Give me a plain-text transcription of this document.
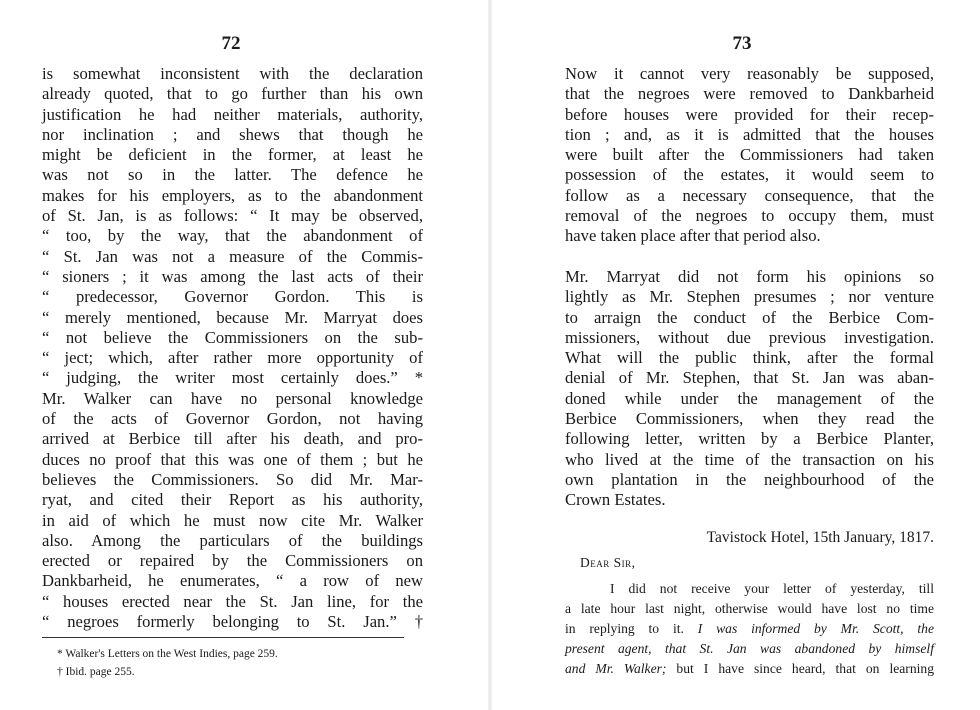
72
is somewhat inconsistent with the declaration
already quoted, that to go further than his own
justification he had neither materials, authority,
nor inclination ; and shews that though he
might be deficient in the former, at least he
was not so in the latter. The defence he
makes for his employers, as to the abandonment
of St. Jan, is as follows: “ It may be observed,
“ too, by the way, that the abandonment of
“ St. Jan was not a measure of the Commis-
“ sioners ; it was among the last acts of their
“ predecessor, Governor Gordon. This is
“ merely mentioned, because Mr. Marryat does
“ not believe the Commissioners on the sub-
“ ject; which, after rather more opportunity of
“ judging, the writer most certainly does.” *
Mr. Walker can have no personal knowledge
of the acts of Governor Gordon, not having
arrived at Berbice till after his death, and pro-
duces no proof that this was one of them ; but he
believes the Commissioners. So did Mr. Mar-
ryat, and cited their Report as his authority,
in aid of which he must now cite Mr. Walker
also. Among the particulars of the buildings
erected or repaired by the Commissioners on
Dankbarheid, he enumerates, “ a row of new
“ houses erected near the St. Jan line, for the
“ negroes formerly belonging to St. Jan.” †
* Walker's Letters on the West Indies, page 259.
† Ibid. page 255.
73
Now it cannot very reasonably be supposed,
that the negroes were removed to Dankbarheid
before houses were provided for their recep-
tion ; and, as it is admitted that the houses
were built after the Commissioners had taken
possession of the estates, it would seem to
follow as a necessary consequence, that the
removal of the negroes to occupy them, must
have taken place after that period also.
Mr. Marryat did not form his opinions so
lightly as Mr. Stephen presumes ; nor venture
to arraign the conduct of the Berbice Com-
missioners, without due previous investigation.
What will the public think, after the formal
denial of Mr. Stephen, that St. Jan was aban-
doned while under the management of the
Berbice Commissioners, when they read the
following letter, written by a Berbice Planter,
who lived at the time of the transaction on his
own plantation in the neighbourhood of the
Crown Estates.
Tavistock Hotel, 15th January, 1817.
I did not receive your letter of yesterday, till
a late hour last night, otherwise would have lost no time
in replying to it. I was informed by Mr. Scott, the
present agent, that St. Jan was abandoned by himself
and Mr. Walker; but I have since heard, that on learning
Dear Sir,
